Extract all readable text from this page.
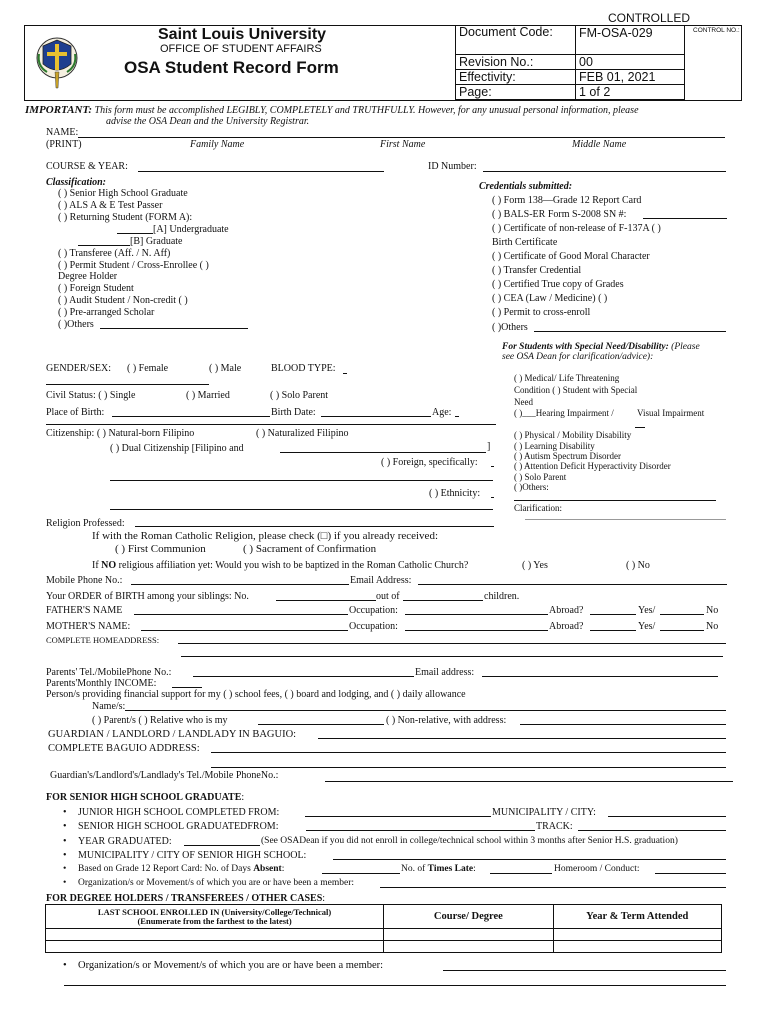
CONTROLLED
Saint Louis University
OFFICE OF STUDENT AFFAIRS
OSA Student Record Form
Document Code:	FM-OSA-029
Revision No.:	00
Effectivity:	FEB 01, 2021
Page:	1 of 2
CONTROL NO.:
IMPORTANT: This form must be accomplished LEGIBLY, COMPLETELY and TRUTHFULLY. However, for any unusual personal information, please
advise the OSA Dean and the University Registrar.
NAME:
(PRINT)	Family Name	First Name	Middle Name
COURSE & YEAR:	ID Number:
Classification:
( ) Senior High School Graduate
( ) ALS A & E Test Passer
( ) Returning Student (FORM A):
[A] Undergraduate
[B] Graduate
( ) Transferee (Aff. / N. Aff)
( ) Permit Student / Cross-Enrollee ( )
Degree Holder
( ) Foreign Student
( ) Audit Student / Non-credit ( )
( ) Pre-arranged Scholar
( )Others
Credentials submitted:
( ) Form 138—Grade 12 Report Card
( ) BALS-ER Form S-2008 SN #:
( ) Certificate of non-release of F-137A ( )
Birth Certificate
( ) Certificate of Good Moral Character
( ) Transfer Credential
( ) Certified True copy of Grades
( ) CEA (Law / Medicine) ( )
( ) Permit to cross-enroll
( )Others
For Students with Special Need/Disability: (Please
see OSA Dean for clarification/advice):
( ) Medical/ Life Threatening
Condition ( ) Student with Special
Need
( )___Hearing Impairment /	Visual Impairment
( ) Physical / Mobility Disability
( ) Learning Disability
( ) Autism Spectrum Disorder
( ) Attention Deficit Hyperactivity Disorder
( ) Solo Parent
( )Others:
Clarification:
GENDER/SEX: ( ) Female	( ) Male	BLOOD TYPE:
Civil Status: ( ) Single	( ) Married	( ) Solo Parent
Place of Birth:	Birth Date:	Age:
Citizenship: ( ) Natural-born Filipino	( ) Naturalized Filipino
( ) Dual Citizenship [Filipino and	]
( ) Foreign, specifically:
( ) Ethnicity:
Religion Professed:
If with the Roman Catholic Religion, please check (□) if you already received:
( ) First Communion	( ) Sacrament of Confirmation
If NO religious affiliation yet: Would you wish to be baptized in the Roman Catholic Church?	( ) Yes	( ) No
Mobile Phone No.:	Email Address:
Your ORDER of BIRTH among your siblings: No.	out of	children.
FATHER'S NAME	Occupation:	Abroad?	Yes/	No
MOTHER'S NAME:	Occupation:	Abroad?	Yes/	No
COMPLETE HOMEADDRESS:
Parents' Tel./MobilePhone No.:	Email address:
Parents'Monthly INCOME:
Person/s providing financial support for my ( ) school fees, ( ) board and lodging, and ( ) daily allowance
Name/s:
( ) Parent/s ( ) Relative who is my	( ) Non-relative, with address:
GUARDIAN / LANDLORD / LANDLADY IN BAGUIO:
COMPLETE BAGUIO ADDRESS:
Guardian's/Landlord's/Landlady's Tel./Mobile PhoneNo.:
FOR SENIOR HIGH SCHOOL GRADUATE:
• JUNIOR HIGH SCHOOL COMPLETED FROM:	MUNICIPALITY / CITY:
• SENIOR HIGH SCHOOL GRADUATEDFROM:	TRACK:
• YEAR GRADUATED:	(See OSADean if you did not enroll in college/technical school within 3 months after Senior H.S. graduation)
• MUNICIPALITY / CITY OF SENIOR HIGH SCHOOL:
• Based on Grade 12 Report Card: No. of Days Absent:	No. of Times Late:	Homeroom / Conduct:
• Organization/s or Movement/s of which you are or have been a member:
FOR DEGREE HOLDERS / TRANSFEREES / OTHER CASES:
LAST SCHOOL ENROLLED IN (University/College/Technical)
(Enumerate from the farthest to the latest)	Course/ Degree	Year & Term Attended

• Organization/s or Movement/s of which you are or have been a member:
